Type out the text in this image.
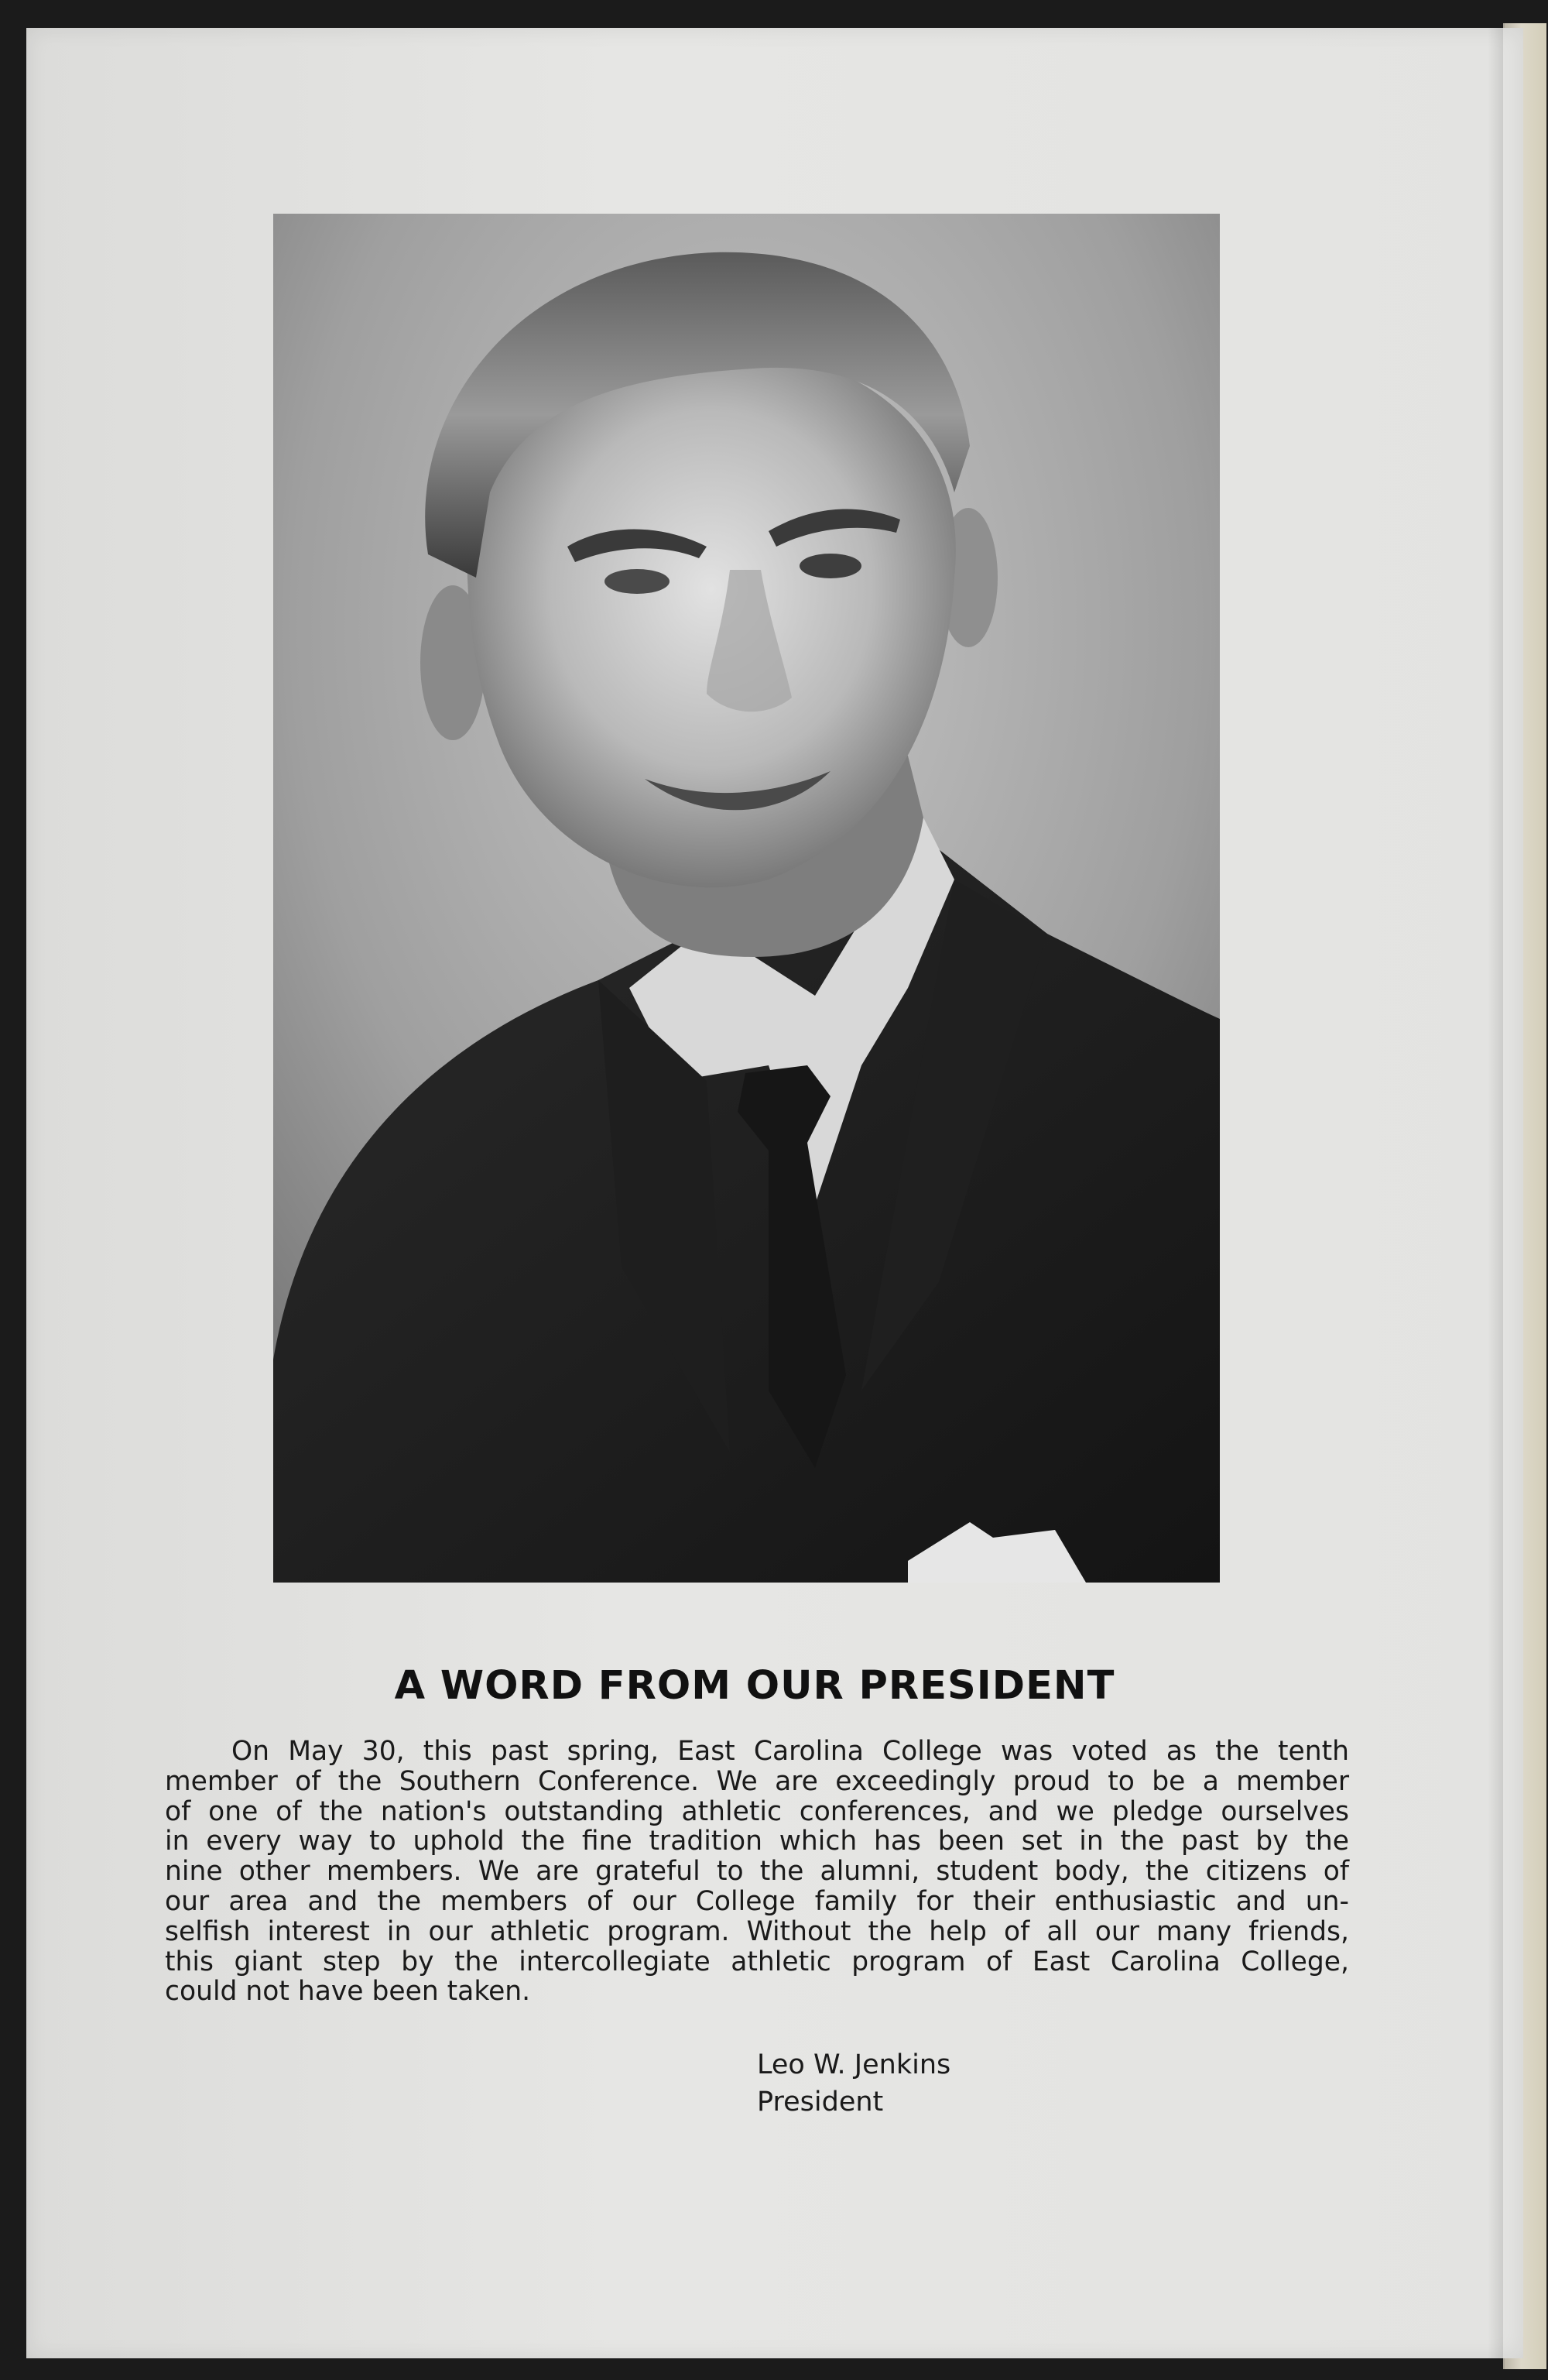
A WORD FROM OUR PRESIDENT
On May 30, this past spring, East Carolina College was voted as the tenth
member of the Southern Conference. We are exceedingly proud to be a member
of one of the nation's outstanding athletic conferences, and we pledge ourselves
in every way to uphold the fine tradition which has been set in the past by the
nine other members. We are grateful to the alumni, student body, the citizens of
our area and the members of our College family for their enthusiastic and un-
selfish interest in our athletic program. Without the help of all our many friends,
this giant step by the intercollegiate athletic program of East Carolina College,
could not have been taken.
Leo W. Jenkins
President
